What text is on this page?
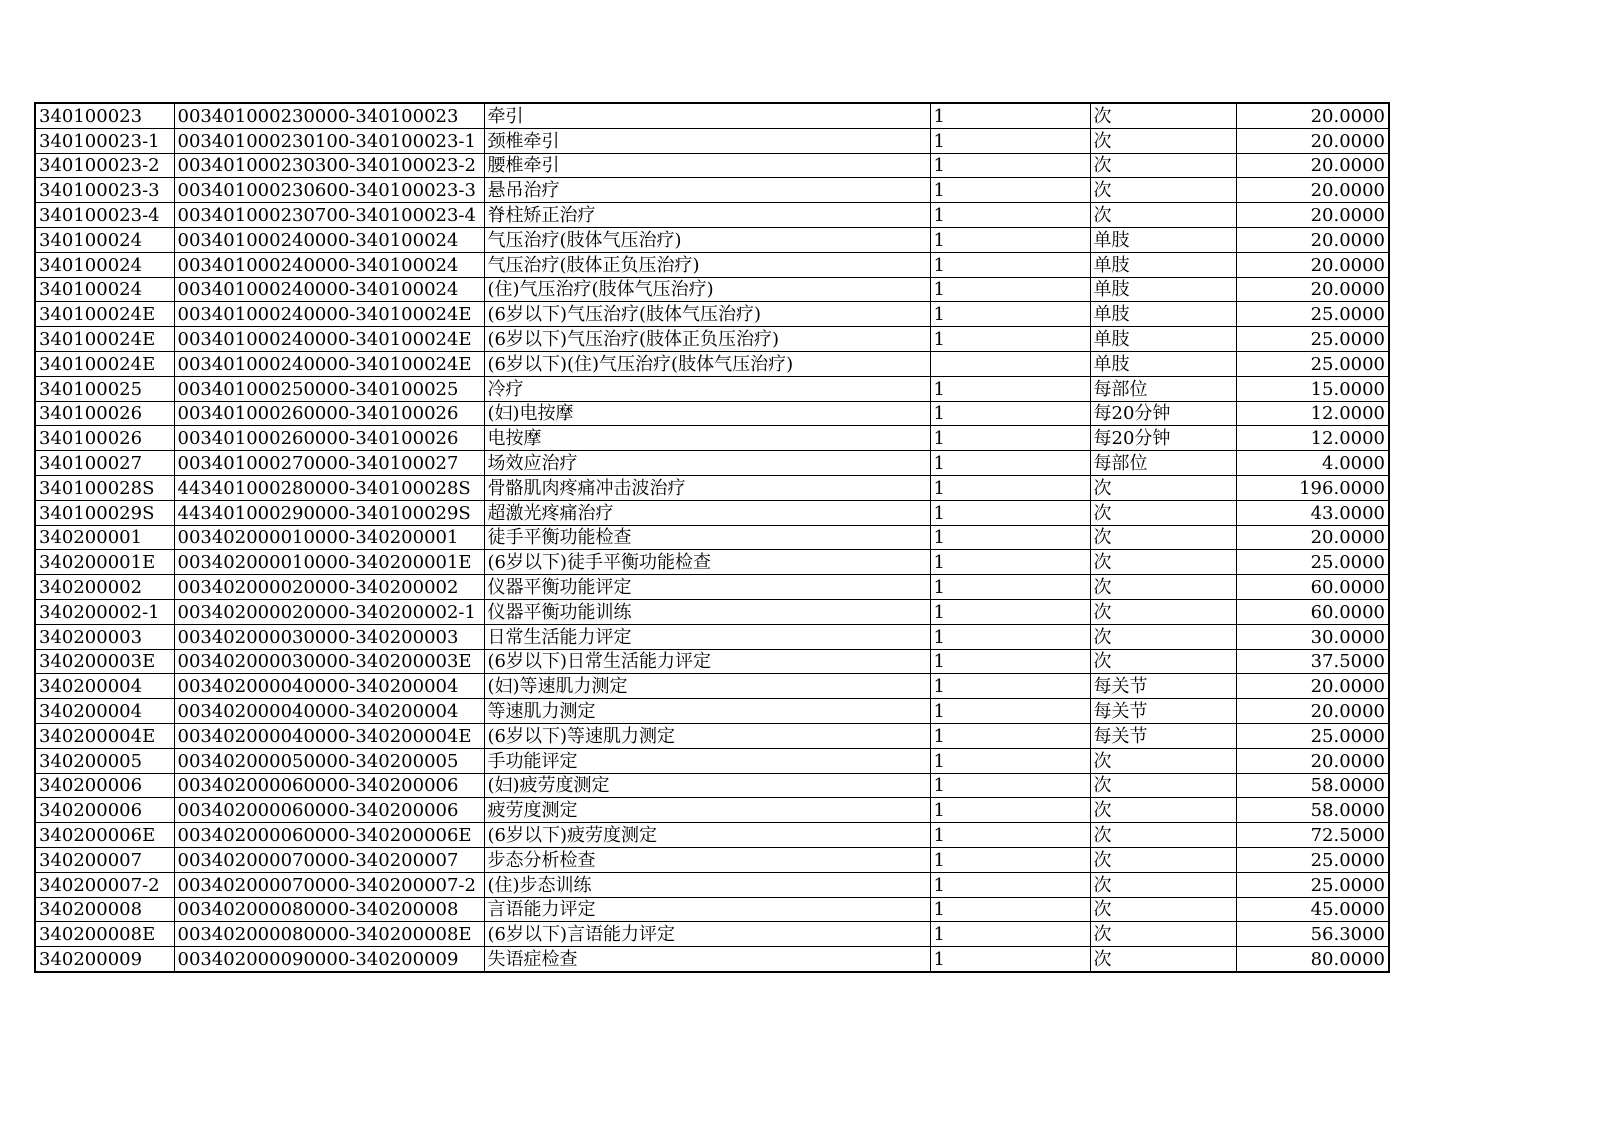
340100023	003401000230000-340100023	牵引	1	次	20.0000
340100023-1	003401000230100-340100023-1	颈椎牵引	1	次	20.0000
340100023-2	003401000230300-340100023-2	腰椎牵引	1	次	20.0000
340100023-3	003401000230600-340100023-3	悬吊治疗	1	次	20.0000
340100023-4	003401000230700-340100023-4	脊柱矫正治疗	1	次	20.0000
340100024	003401000240000-340100024	气压治疗(肢体气压治疗)	1	单肢	20.0000
340100024	003401000240000-340100024	气压治疗(肢体正负压治疗)	1	单肢	20.0000
340100024	003401000240000-340100024	(住)气压治疗(肢体气压治疗)	1	单肢	20.0000
340100024E	003401000240000-340100024E	(6岁以下)气压治疗(肢体气压治疗)	1	单肢	25.0000
340100024E	003401000240000-340100024E	(6岁以下)气压治疗(肢体正负压治疗)	1	单肢	25.0000
340100024E	003401000240000-340100024E	(6岁以下)(住)气压治疗(肢体气压治疗)		单肢	25.0000
340100025	003401000250000-340100025	冷疗	1	每部位	15.0000
340100026	003401000260000-340100026	(妇)电按摩	1	每20分钟	12.0000
340100026	003401000260000-340100026	电按摩	1	每20分钟	12.0000
340100027	003401000270000-340100027	场效应治疗	1	每部位	4.0000
340100028S	443401000280000-340100028S	骨骼肌肉疼痛冲击波治疗	1	次	196.0000
340100029S	443401000290000-340100029S	超激光疼痛治疗	1	次	43.0000
340200001	003402000010000-340200001	徒手平衡功能检查	1	次	20.0000
340200001E	003402000010000-340200001E	(6岁以下)徒手平衡功能检查	1	次	25.0000
340200002	003402000020000-340200002	仪器平衡功能评定	1	次	60.0000
340200002-1	003402000020000-340200002-1	仪器平衡功能训练	1	次	60.0000
340200003	003402000030000-340200003	日常生活能力评定	1	次	30.0000
340200003E	003402000030000-340200003E	(6岁以下)日常生活能力评定	1	次	37.5000
340200004	003402000040000-340200004	(妇)等速肌力测定	1	每关节	20.0000
340200004	003402000040000-340200004	等速肌力测定	1	每关节	20.0000
340200004E	003402000040000-340200004E	(6岁以下)等速肌力测定	1	每关节	25.0000
340200005	003402000050000-340200005	手功能评定	1	次	20.0000
340200006	003402000060000-340200006	(妇)疲劳度测定	1	次	58.0000
340200006	003402000060000-340200006	疲劳度测定	1	次	58.0000
340200006E	003402000060000-340200006E	(6岁以下)疲劳度测定	1	次	72.5000
340200007	003402000070000-340200007	步态分析检查	1	次	25.0000
340200007-2	003402000070000-340200007-2	(住)步态训练	1	次	25.0000
340200008	003402000080000-340200008	言语能力评定	1	次	45.0000
340200008E	003402000080000-340200008E	(6岁以下)言语能力评定	1	次	56.3000
340200009	003402000090000-340200009	失语症检查	1	次	80.0000
